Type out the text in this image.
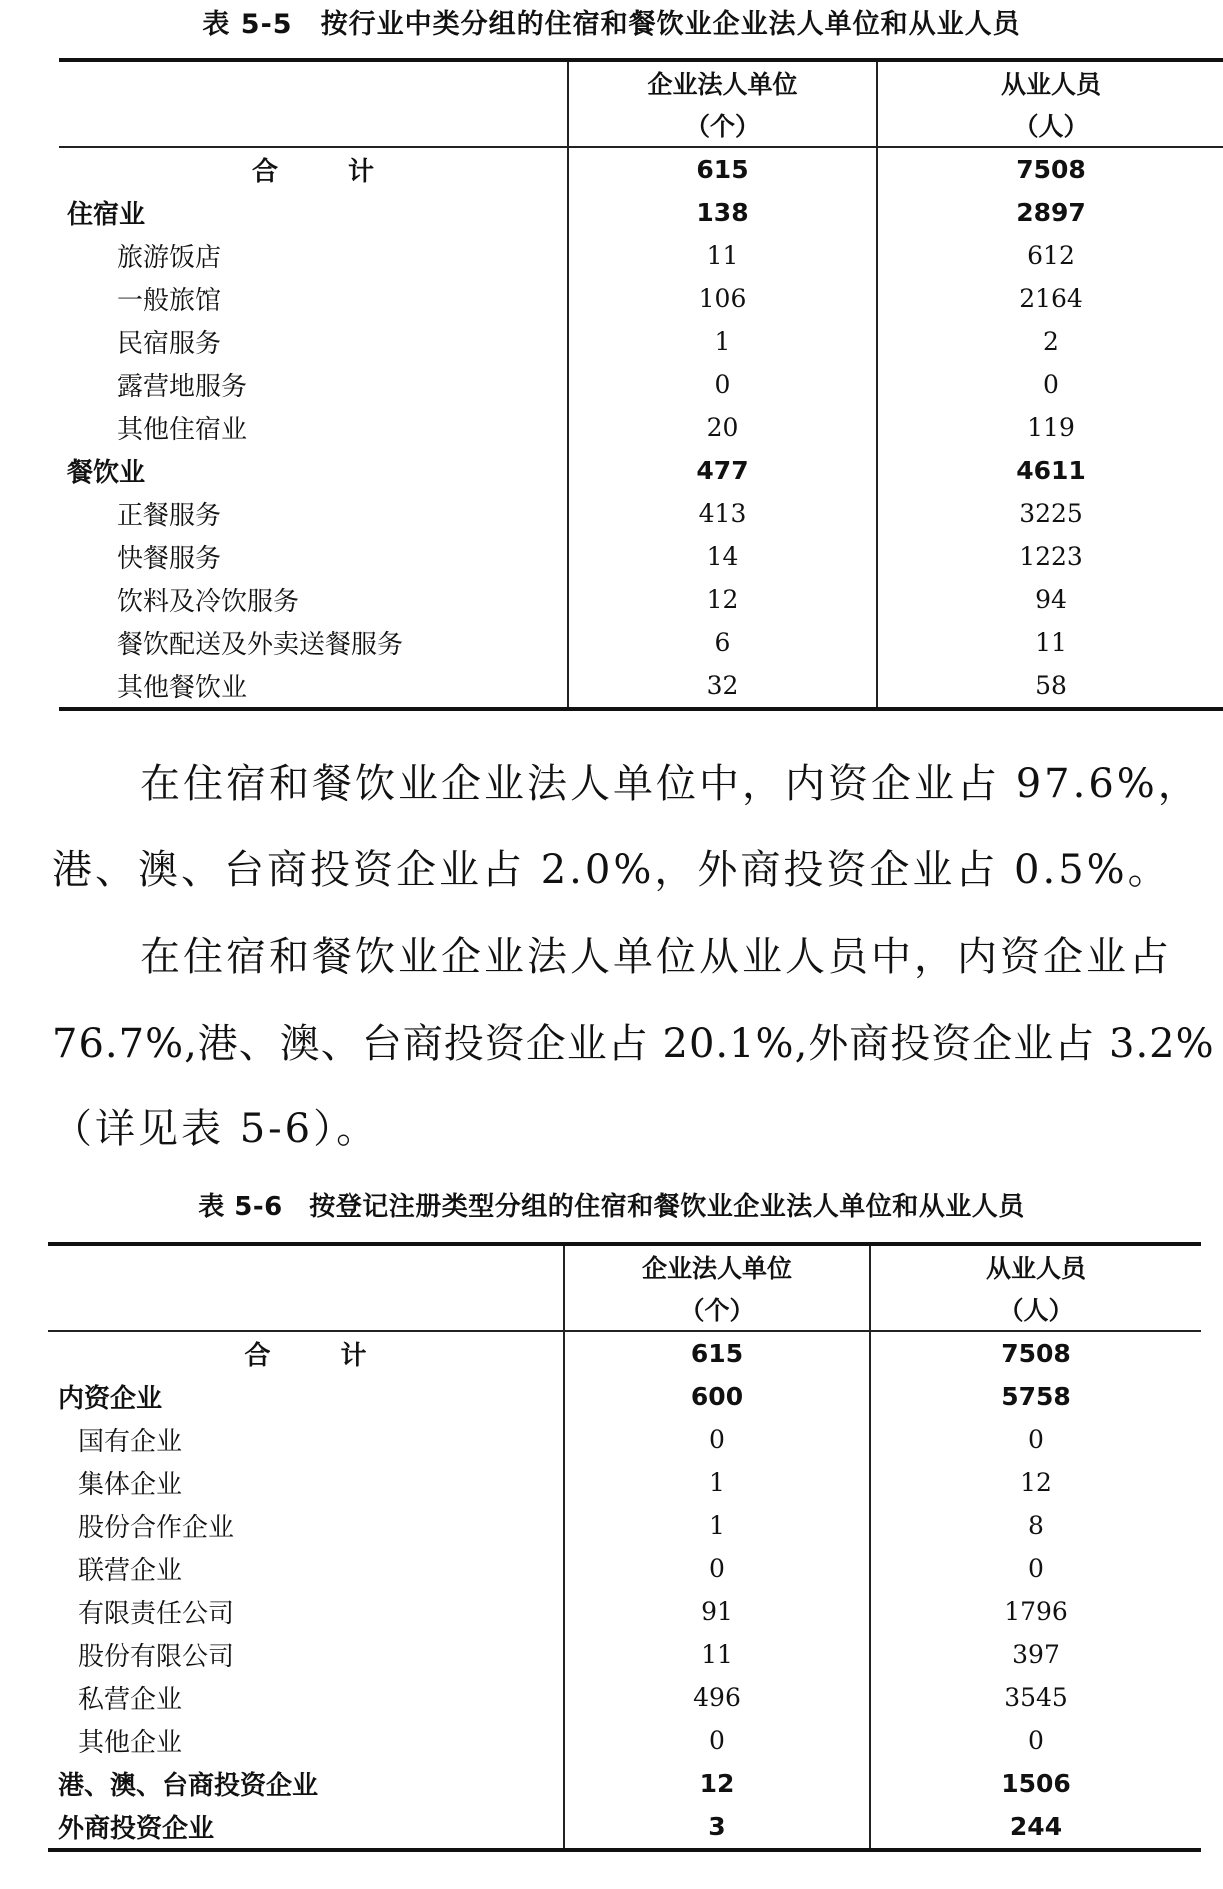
表 5-5　按行业中类分组的住宿和餐饮业企业法人单位和从业人员
	企业法人单位	从业人员
	（个）	（人）
合　计	615	7508
住宿业	138	2897
旅游饭店	11	612
一般旅馆	106	2164
民宿服务	1	2
露营地服务	0	0
其他住宿业	20	119
餐饮业	477	4611
正餐服务	413	3225
快餐服务	14	1223
饮料及冷饮服务	12	94
餐饮配送及外卖送餐服务	6	11
其他餐饮业	32	58
在住宿和餐饮业企业法人单位中，内资企业占 97.6%，
港、澳、台商投资企业占 2.0%，外商投资企业占 0.5%。
在住宿和餐饮业企业法人单位从业人员中，内资企业占
76.7%,港、澳、台商投资企业占 20.1%,外商投资企业占 3.2%
（详见表 5-6）。
表 5-6　按登记注册类型分组的住宿和餐饮业企业法人单位和从业人员
	企业法人单位	从业人员
	（个）	（人）
合　计	615	7508
内资企业	600	5758
国有企业	0	0
集体企业	1	12
股份合作企业	1	8
联营企业	0	0
有限责任公司	91	1796
股份有限公司	11	397
私营企业	496	3545
其他企业	0	0
港、澳、台商投资企业	12	1506
外商投资企业	3	244
